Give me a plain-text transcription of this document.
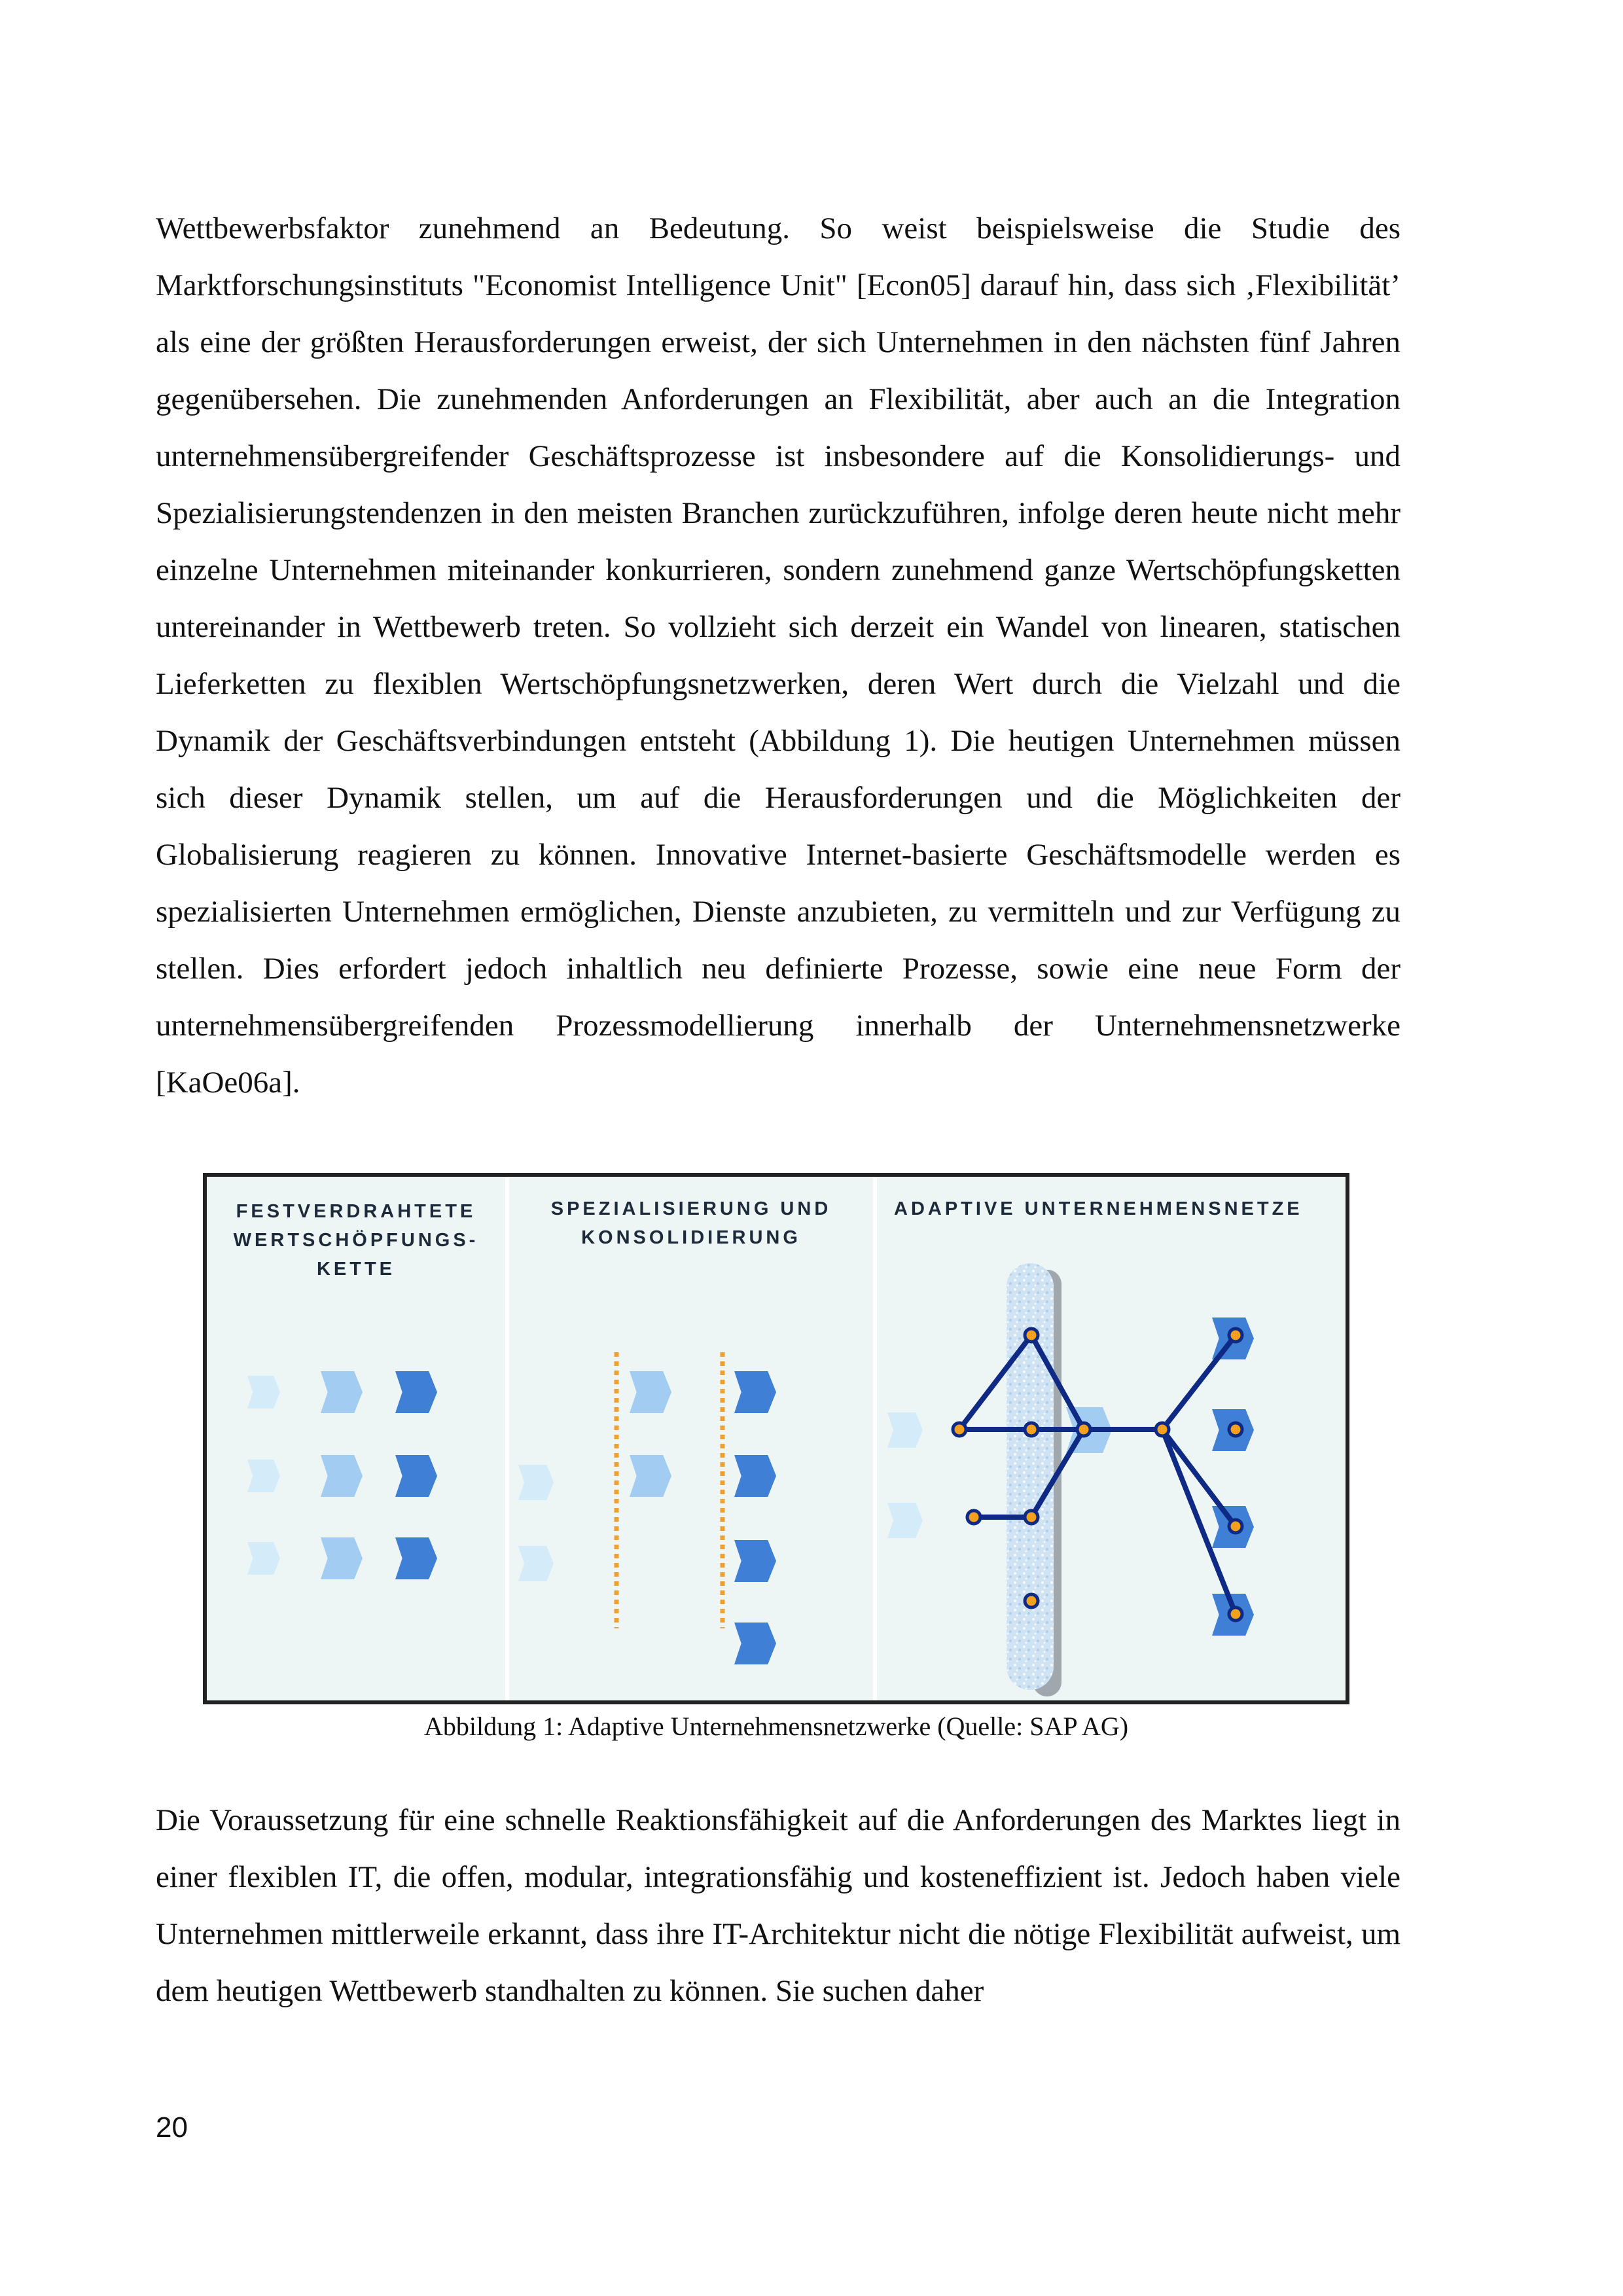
Wettbewerbsfaktor zunehmend an Bedeutung. So weist beispielsweise die Studie des Marktforschungsinstituts "Economist Intelligence Unit" [Econ05] darauf hin, dass sich ‚Flexibilität’ als eine der größten Herausforderungen erweist, der sich Unternehmen in den nächsten fünf Jahren gegenübersehen. Die zunehmenden Anforderungen an Flexibilität, aber auch an die Integration unternehmensübergreifender Geschäftsprozesse ist insbesondere auf die Konsolidierungs- und Spezialisierungstendenzen in den meisten Branchen zurückzuführen, infolge deren heute nicht mehr einzelne Unternehmen miteinander konkurrieren, sondern zunehmend ganze Wertschöpfungsketten untereinander in Wettbewerb treten. So vollzieht sich derzeit ein Wandel von linearen, statischen Lieferketten zu flexiblen Wertschöpfungsnetzwerken, deren Wert durch die Vielzahl und die Dynamik der Geschäftsverbindungen entsteht (Abbildung 1). Die heutigen Unternehmen müssen sich dieser Dynamik stellen, um auf die Herausforderungen und die Möglichkeiten der Globalisierung reagieren zu können. Innovative Internet-basierte Geschäftsmodelle werden es spezialisierten Unternehmen ermöglichen, Dienste anzubieten, zu vermitteln und zur Verfügung zu stellen. Dies erfordert jedoch inhaltlich neu definierte Prozesse, sowie eine neue Form der unternehmensübergreifenden Prozessmodellierung innerhalb der Unternehmensnetzwerke [KaOe06a].

FESTVERDRAHTETE
WERTSCHÖPFUNGS-
KETTE
SPEZIALISIERUNG UND
KONSOLIDIERUNG
ADAPTIVE UNTERNEHMENSNETZE

Abbildung 1: Adaptive Unternehmensnetzwerke (Quelle: SAP AG)

Die Voraussetzung für eine schnelle Reaktionsfähigkeit auf die Anforderungen des Marktes liegt in einer flexiblen IT, die offen, modular, integrationsfähig und kosteneffizient ist. Jedoch haben viele Unternehmen mittlerweile erkannt, dass ihre IT-Architektur nicht die nötige Flexibilität aufweist, um dem heutigen Wettbewerb standhalten zu können. Sie suchen daher

20
